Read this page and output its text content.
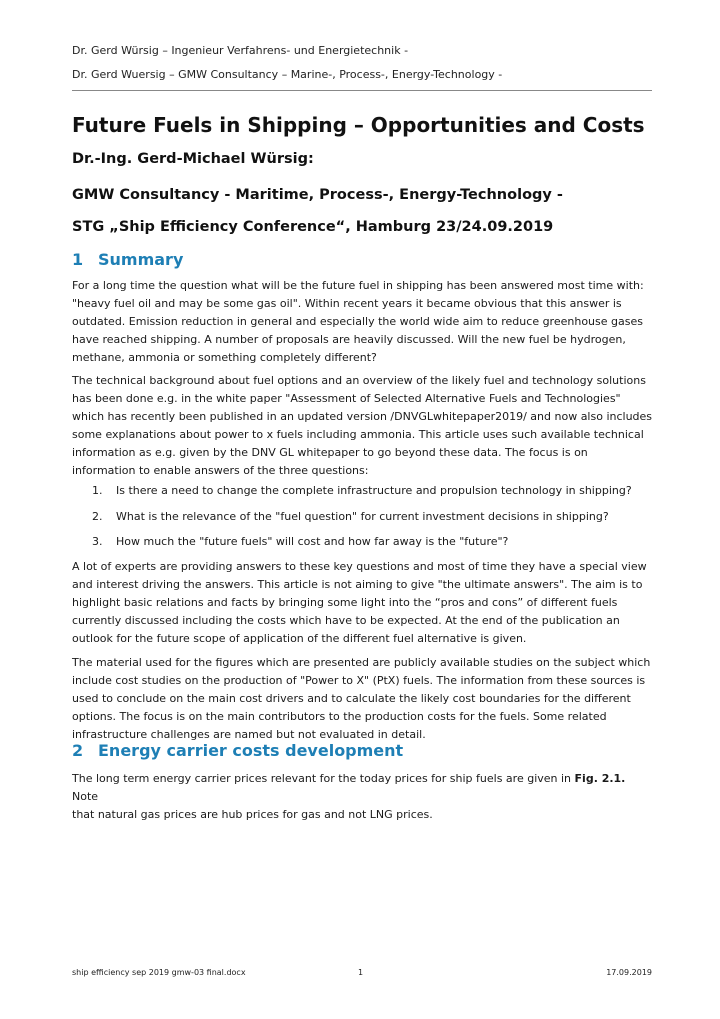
Dr. Gerd Würsig – Ingenieur Verfahrens- und Energietechnik -
Dr. Gerd Wuersig – GMW Consultancy – Marine-, Process-, Energy-Technology -
Future Fuels in Shipping – Opportunities and Costs
Dr.-Ing. Gerd-Michael Würsig:
GMW Consultancy - Maritime, Process-, Energy-Technology -
STG „Ship Efficiency Conference“, Hamburg 23/24.09.2019
1 Summary
For a long time the question what will be the future fuel in shipping has been answered most time with:
"heavy fuel oil and may be some gas oil". Within recent years it became obvious that this answer is
outdated. Emission reduction in general and especially the world wide aim to reduce greenhouse gases
have reached shipping. A number of proposals are heavily discussed. Will the new fuel be hydrogen,
methane, ammonia or something completely different?
The technical background about fuel options and an overview of the likely fuel and technology solutions
has been done e.g. in the white paper "Assessment of Selected Alternative Fuels and Technologies"
which has recently been published in an updated version /DNVGLwhitepaper2019/ and now also includes
some explanations about power to x fuels including ammonia. This article uses such available technical
information as e.g. given by the DNV GL whitepaper to go beyond these data. The focus is on
information to enable answers of the three questions:
1. Is there a need to change the complete infrastructure and propulsion technology in shipping?
2. What is the relevance of the "fuel question" for current investment decisions in shipping?
3. How much the "future fuels" will cost and how far away is the "future"?
A lot of experts are providing answers to these key questions and most of time they have a special view
and interest driving the answers. This article is not aiming to give "the ultimate answers". The aim is to
highlight basic relations and facts by bringing some light into the “pros and cons” of different fuels
currently discussed including the costs which have to be expected. At the end of the publication an
outlook for the future scope of application of the different fuel alternative is given.
The material used for the figures which are presented are publicly available studies on the subject which
include cost studies on the production of "Power to X" (PtX) fuels. The information from these sources is
used to conclude on the main cost drivers and to calculate the likely cost boundaries for the different
options. The focus is on the main contributors to the production costs for the fuels. Some related
infrastructure challenges are named but not evaluated in detail.
2 Energy carrier costs development
The long term energy carrier prices relevant for the today prices for ship fuels are given in Fig. 2.1. Note
that natural gas prices are hub prices for gas and not LNG prices.
ship efficiency sep 2019 gmw-03 final.docx	1	17.09.2019
